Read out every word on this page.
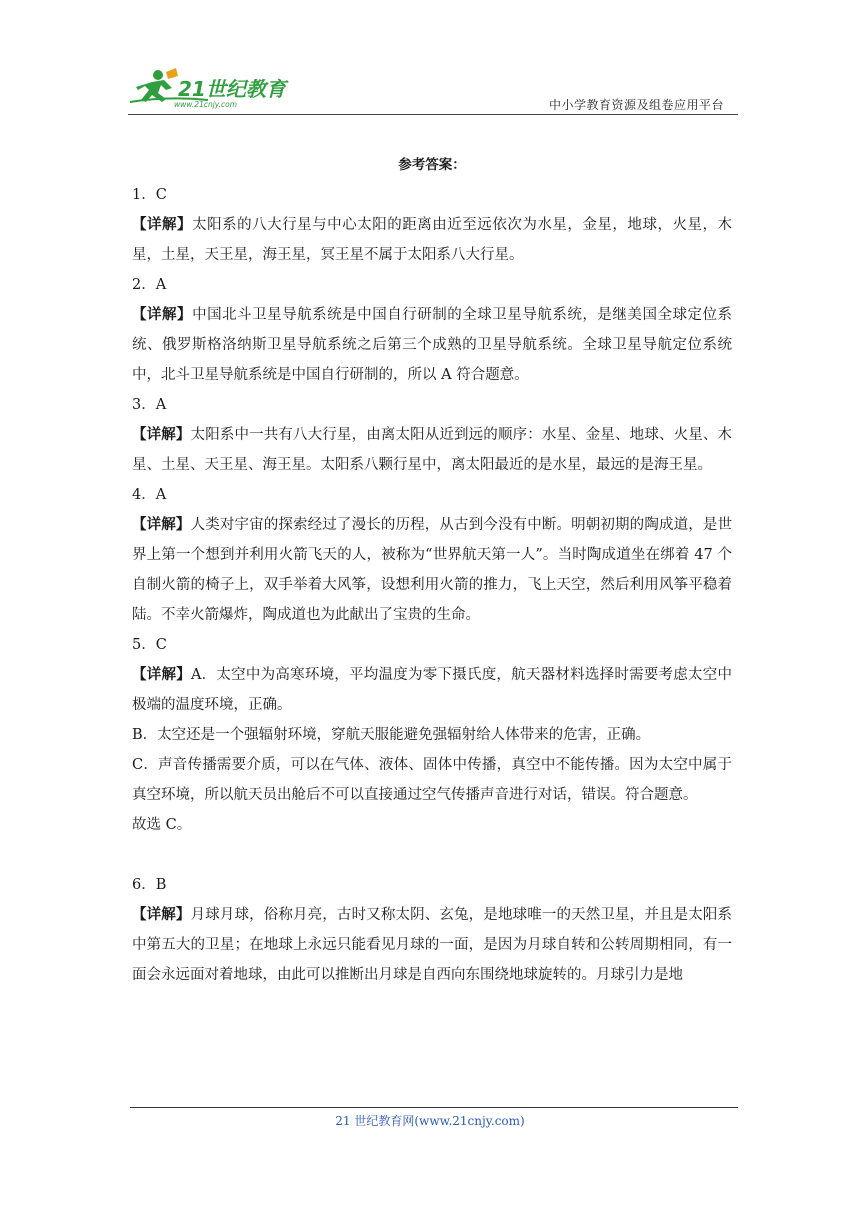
21世纪教育
www.21cnjy.com	中小学教育资源及组卷应用平台

参考答案：

1．C

【详解】太阳系的八大行星与中心太阳的距离由近至远依次为水星，金星，地球，火星，木星，土星，天王星，海王星，冥王星不属于太阳系八大行星。

2．A

【详解】中国北斗卫星导航系统是中国自行研制的全球卫星导航系统，是继美国全球定位系统、俄罗斯格洛纳斯卫星导航系统之后第三个成熟的卫星导航系统。全球卫星导航定位系统中，北斗卫星导航系统是中国自行研制的，所以 A 符合题意。

3．A

【详解】太阳系中一共有八大行星，由离太阳从近到远的顺序：水星、金星、地球、火星、木星、土星、天王星、海王星。太阳系八颗行星中，离太阳最近的是水星，最远的是海王星。

4．A

【详解】人类对宇宙的探索经过了漫长的历程，从古到今没有中断。明朝初期的陶成道，是世界上第一个想到并利用火箭飞天的人，被称为“世界航天第一人”。当时陶成道坐在绑着 47 个自制火箭的椅子上，双手举着大风筝，设想利用火箭的推力，飞上天空，然后利用风筝平稳着陆。不幸火箭爆炸，陶成道也为此献出了宝贵的生命。

5．C

【详解】A．太空中为高寒环境，平均温度为零下摄氏度，航天器材料选择时需要考虑太空中极端的温度环境，正确。

B．太空还是一个强辐射环境，穿航天服能避免强辐射给人体带来的危害，正确。

C．声音传播需要介质，可以在气体、液体、固体中传播，真空中不能传播。因为太空中属于真空环境，所以航天员出舱后不可以直接通过空气传播声音进行对话，错误。符合题意。

故选 C。

6．B

【详解】月球月球，俗称月亮，古时又称太阴、玄兔，是地球唯一的天然卫星，并且是太阳系中第五大的卫星；在地球上永远只能看见月球的一面，是因为月球自转和公转周期相同，有一面会永远面对着地球，由此可以推断出月球是自西向东围绕地球旋转的。月球引力是地

21 世纪教育网(www.21cnjy.com)
